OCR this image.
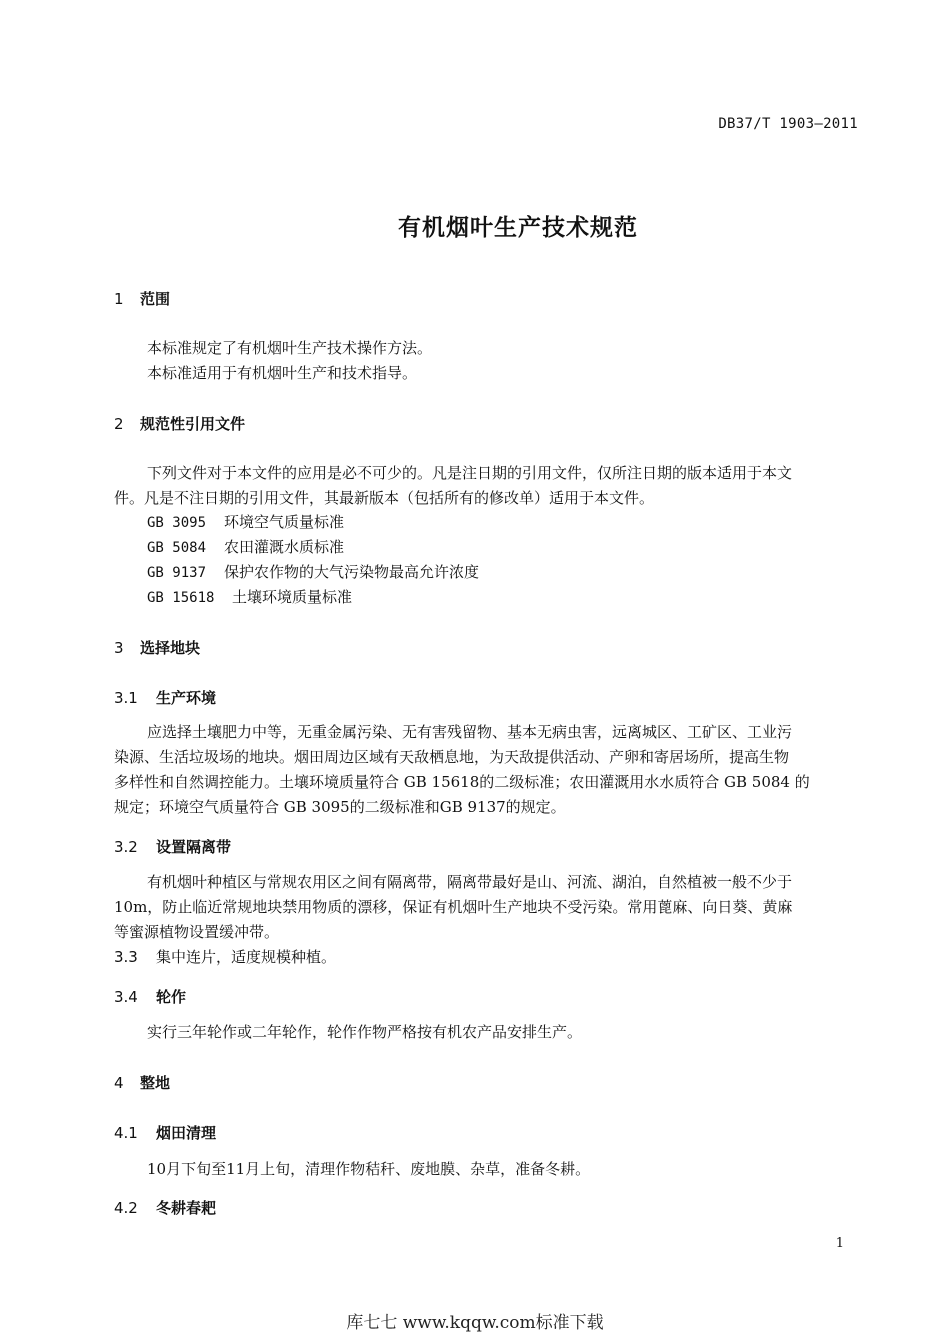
DB37/T 1903—2011
有机烟叶生产技术规范
1 范围
本标准规定了有机烟叶生产技术操作方法。
本标准适用于有机烟叶生产和技术指导。
2 规范性引用文件
下列文件对于本文件的应用是必不可少的。凡是注日期的引用文件，仅所注日期的版本适用于本文
件。凡是不注日期的引用文件，其最新版本（包括所有的修改单）适用于本文件。
GB 3095 环境空气质量标准
GB 5084 农田灌溉水质标准
GB 9137 保护农作物的大气污染物最高允许浓度
GB 15618 土壤环境质量标准
3 选择地块
3.1 生产环境
应选择土壤肥力中等，无重金属污染、无有害残留物、基本无病虫害，远离城区、工矿区、工业污
染源、生活垃圾场的地块。烟田周边区域有天敌栖息地，为天敌提供活动、产卵和寄居场所，提高生物
多样性和自然调控能力。土壤环境质量符合 GB 15618的二级标准；农田灌溉用水水质符合 GB 5084 的
规定；环境空气质量符合 GB 3095的二级标准和GB 9137的规定。
3.2 设置隔离带
有机烟叶种植区与常规农用区之间有隔离带，隔离带最好是山、河流、湖泊，自然植被一般不少于
10m，防止临近常规地块禁用物质的漂移，保证有机烟叶生产地块不受污染。常用蓖麻、向日葵、黄麻
等蜜源植物设置缓冲带。
3.3 集中连片，适度规模种植。
3.4 轮作
实行三年轮作或二年轮作，轮作作物严格按有机农产品安排生产。
4 整地
4.1 烟田清理
10月下旬至11月上旬，清理作物秸秆、废地膜、杂草，准备冬耕。
4.2 冬耕春耙
1
库七七 www.kqqw.com标准下载
